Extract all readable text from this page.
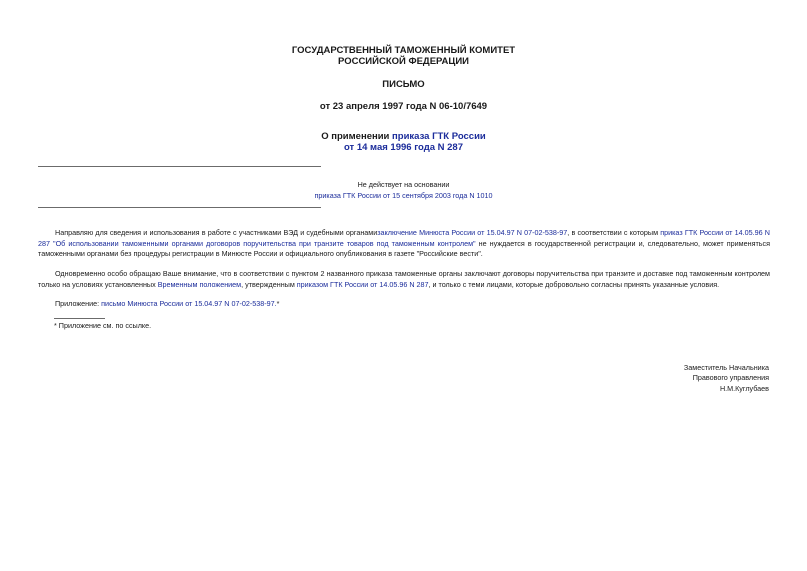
ГОСУДАРСТВЕННЫЙ ТАМОЖЕННЫЙ КОМИТЕТ
РОССИЙСКОЙ ФЕДЕРАЦИИ
ПИСЬМО
от 23 апреля 1997 года N 06-10/7649
О применении приказа ГТК России
от 14 мая 1996 года N 287
Не действует на основании
приказа ГТК России от 15 сентября 2003 года N 1010
Направляю для сведения и использования в работе с участниками ВЭД и судебными органамизаключение Минюста России от 15.04.97 N 07-02-538-97, в соответствии с которым приказ ГТК России от 14.05.96 N 287 "Об использовании таможенными органами договоров поручительства при транзите товаров под таможенным контролем" не нуждается в государственной регистрации и, следовательно, может применяться таможенными органами без процедуры регистрации в Минюсте России и официального опубликования в газете "Российские вести".
Одновременно особо обращаю Ваше внимание, что в соответствии с пунктом 2 названного приказа таможенные органы заключают договоры поручительства при транзите и доставке под таможенным контролем только на условиях установленных Временным положением, утвержденным приказом ГТК России от 14.05.96 N 287, и только с теми лицами, которые добровольно согласны принять указанные условия.
Приложение: письмо Минюста России от 15.04.97 N 07-02-538-97.*
* Приложение см. по ссылке.
Заместитель Начальника
Правового управления
Н.М.Куглубаев
